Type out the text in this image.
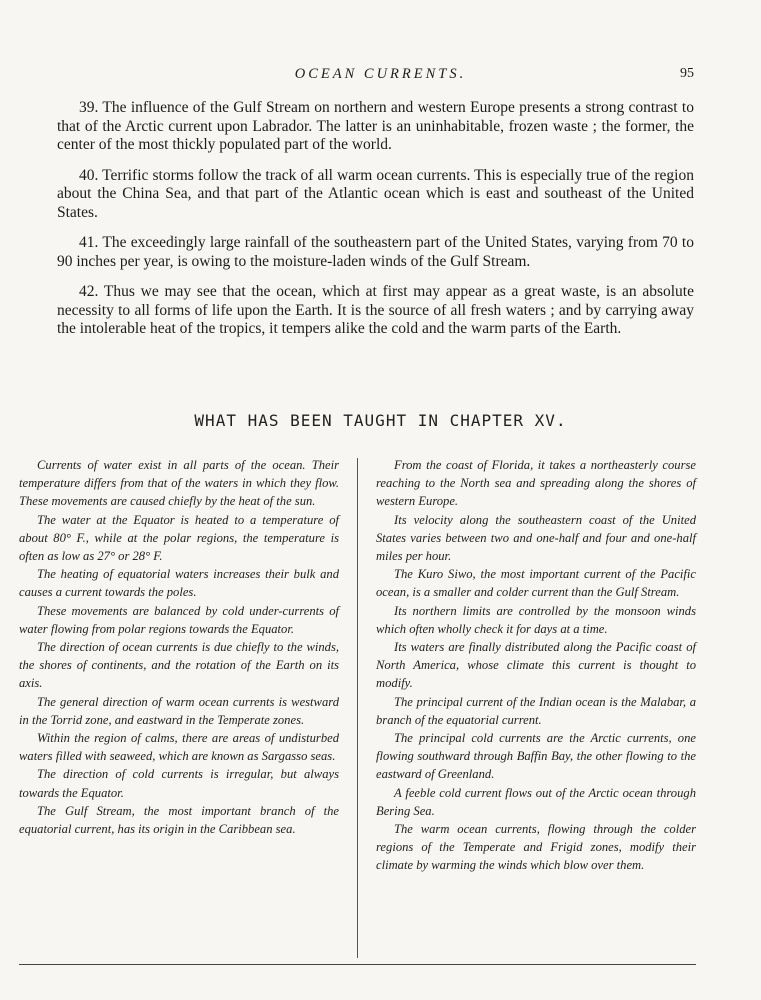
OCEAN CURRENTS.	95

39. The influence of the Gulf Stream on northern and western Europe presents a strong contrast to that of the Arctic current upon Labrador. The latter is an uninhabitable, frozen waste ; the former, the center of the most thickly populated part of the world.

40. Terrific storms follow the track of all warm ocean currents. This is especially true of the region about the China Sea, and that part of the Atlantic ocean which is east and southeast of the United States.

41. The exceedingly large rainfall of the southeastern part of the United States, varying from 70 to 90 inches per year, is owing to the moisture-laden winds of the Gulf Stream.

42. Thus we may see that the ocean, which at first may appear as a great waste, is an absolute necessity to all forms of life upon the Earth. It is the source of all fresh waters ; and by carrying away the intolerable heat of the tropics, it tempers alike the cold and the warm parts of the Earth.

WHAT HAS BEEN TAUGHT IN CHAPTER XV.

Currents of water exist in all parts of the ocean. Their temperature differs from that of the waters in which they flow. These movements are caused chiefly by the heat of the sun.

The water at the Equator is heated to a temperature of about 80° F., while at the polar regions, the temperature is often as low as 27° or 28° F.

The heating of equatorial waters increases their bulk and causes a current towards the poles.

These movements are balanced by cold under-currents of water flowing from polar regions towards the Equator.

The direction of ocean currents is due chiefly to the winds, the shores of continents, and the rotation of the Earth on its axis.

The general direction of warm ocean currents is westward in the Torrid zone, and eastward in the Temperate zones.

Within the region of calms, there are areas of undisturbed waters filled with seaweed, which are known as Sargasso seas.

The direction of cold currents is irregular, but always towards the Equator.

The Gulf Stream, the most important branch of the equatorial current, has its origin in the Caribbean sea.

From the coast of Florida, it takes a northeasterly course reaching to the North sea and spreading along the shores of western Europe.

Its velocity along the southeastern coast of the United States varies between two and one-half and four and one-half miles per hour.

The Kuro Siwo, the most important current of the Pacific ocean, is a smaller and colder current than the Gulf Stream.

Its northern limits are controlled by the monsoon winds which often wholly check it for days at a time.

Its waters are finally distributed along the Pacific coast of North America, whose climate this current is thought to modify.

The principal current of the Indian ocean is the Malabar, a branch of the equatorial current.

The principal cold currents are the Arctic currents, one flowing southward through Baffin Bay, the other flowing to the eastward of Greenland.

A feeble cold current flows out of the Arctic ocean through Bering Sea.

The warm ocean currents, flowing through the colder regions of the Temperate and Frigid zones, modify their climate by warming the winds which blow over them.
